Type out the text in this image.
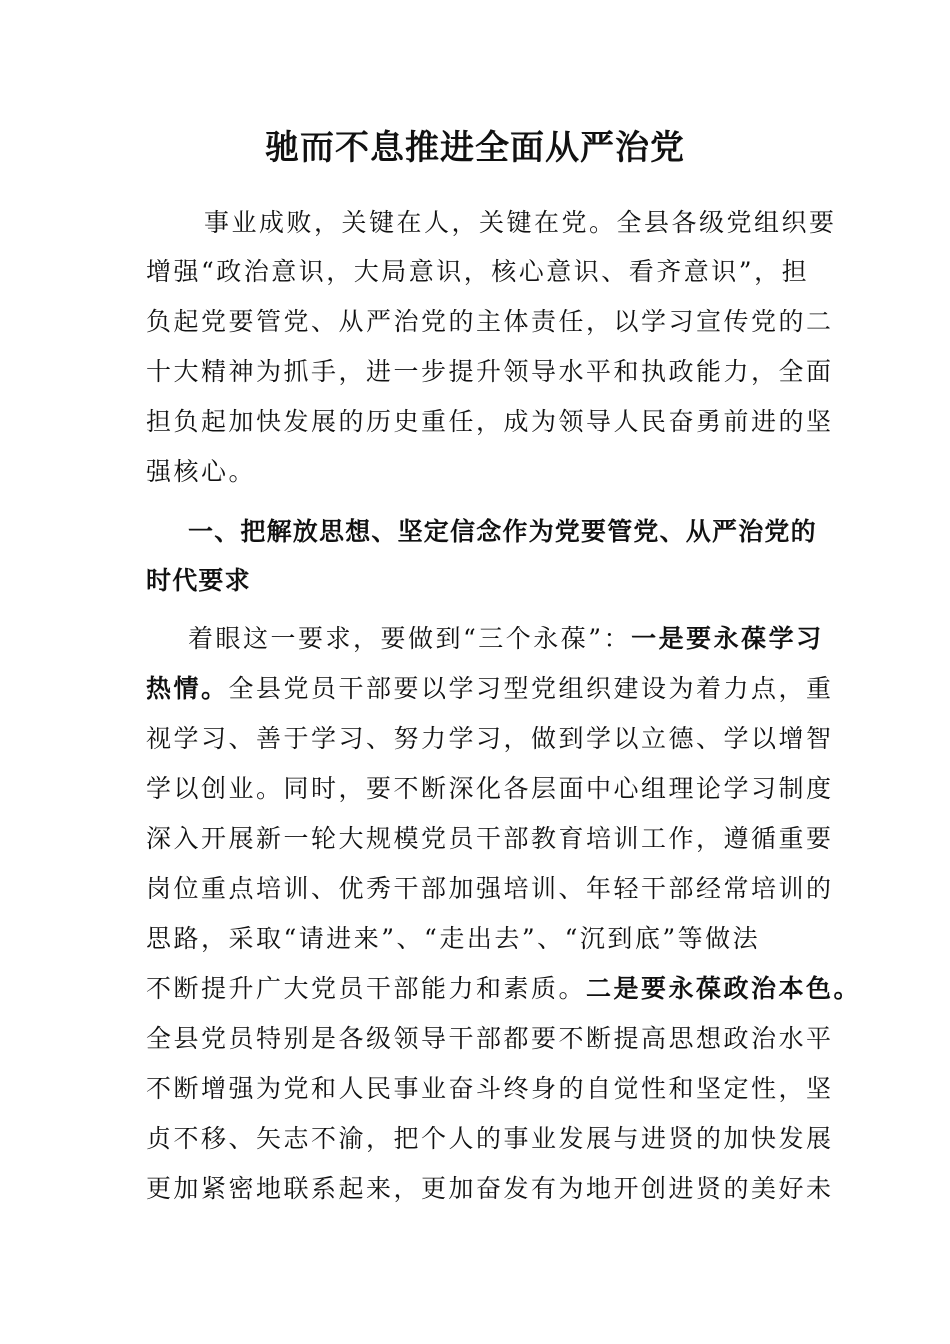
驰而不息推进全面从严治党

事业成败，关键在人，关键在党。全县各级党组织要

增强“政治意识，大局意识，核心意识、看齐意识”，担

负起党要管党、从严治党的主体责任，以学习宣传党的二

十大精神为抓手，进一步提升领导水平和执政能力，全面

担负起加快发展的历史重任，成为领导人民奋勇前进的坚

强核心。

一、把解放思想、坚定信念作为党要管党、从严治党的

时代要求

着眼这一要求，要做到“三个永葆”：一是要永葆学习

热情。全县党员干部要以学习型党组织建设为着力点，重

视学习、善于学习、努力学习，做到学以立德、学以增智

学以创业。同时，要不断深化各层面中心组理论学习制度

深入开展新一轮大规模党员干部教育培训工作，遵循重要

岗位重点培训、优秀干部加强培训、年轻干部经常培训的

思路，采取“请进来”、“走出去”、“沉到底”等做法

不断提升广大党员干部能力和素质。二是要永葆政治本色。

全县党员特别是各级领导干部都要不断提高思想政治水平

不断增强为党和人民事业奋斗终身的自觉性和坚定性，坚

贞不移、矢志不渝，把个人的事业发展与进贤的加快发展

更加紧密地联系起来，更加奋发有为地开创进贤的美好未
